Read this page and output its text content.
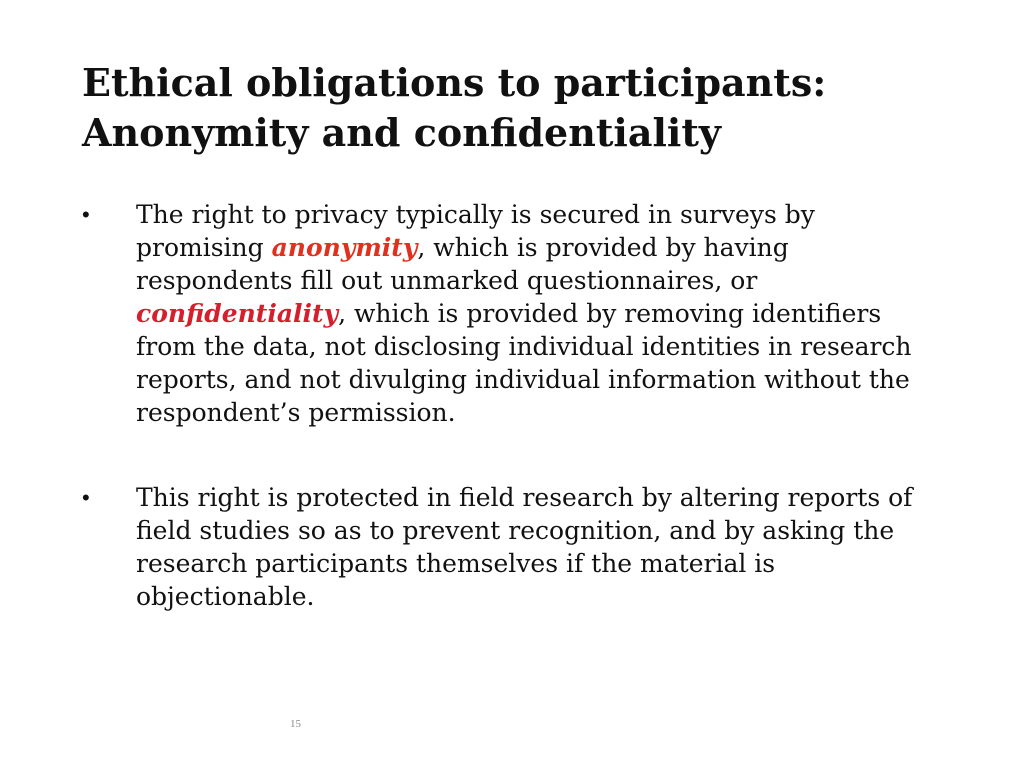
Ethical obligations to participants:
Anonymity and confidentiality
•	The right to privacy typically is secured in surveys by promising anonymity, which is provided by having respondents fill out unmarked questionnaires, or confidentiality, which is provided by removing identifiers from the data, not disclosing individual identities in research reports, and not divulging individual information without the respondent’s permission.
•	This right is protected in field research by altering reports of field studies so as to prevent recognition, and by asking the research participants themselves if the material is objectionable.
15
